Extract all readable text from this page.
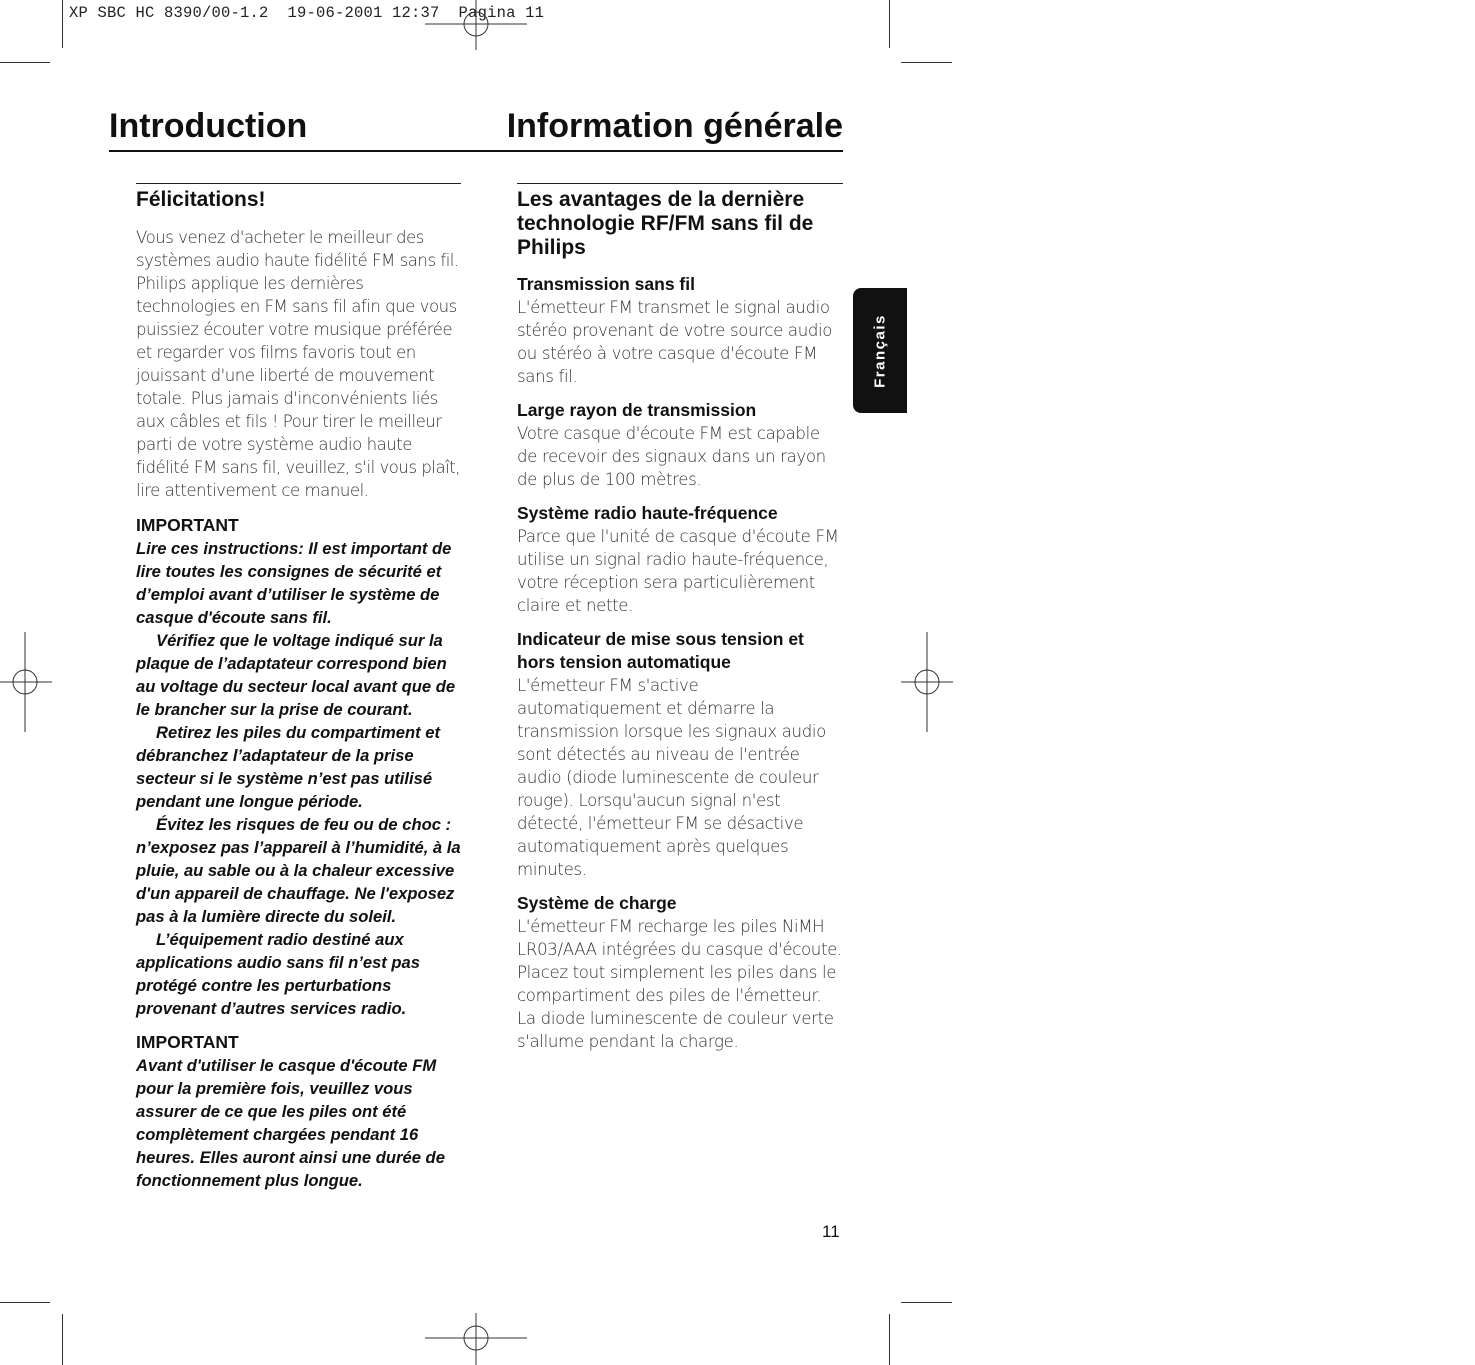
XP SBC HC 8390/00-1.2  19-06-2001 12:37  Pagina 11
Introduction	Information générale
Félicitations!

Vous venez d'acheter le meilleur des systèmes audio haute fidélité FM sans fil. Philips applique les dernières technologies en FM sans fil afin que vous puissiez écouter votre musique préférée et regarder vos films favoris tout en jouissant d'une liberté de mouvement totale. Plus jamais d'inconvénients liés aux câbles et fils ! Pour tirer le meilleur parti de votre système audio haute fidélité FM sans fil, veuillez, s'il vous plaît, lire attentivement ce manuel.

IMPORTANT

Lire ces instructions: Il est important de lire toutes les consignes de sécurité et d’emploi avant d’utiliser le système de casque d'écoute sans fil.

Vérifiez que le voltage indiqué sur la plaque de l’adaptateur correspond bien au voltage du secteur local avant que de le brancher sur la prise de courant.

Retirez les piles du compartiment et débranchez l’adaptateur de la prise secteur si le système n’est pas utilisé pendant une longue période.

Évitez les risques de feu ou de choc : n’exposez pas l’appareil à l’humidité, à la pluie, au sable ou à la chaleur excessive d'un appareil de chauffage. Ne l'exposez pas à la lumière directe du soleil.

L’équipement radio destiné aux applications audio sans fil n’est pas protégé contre les perturbations provenant d’autres services radio.

IMPORTANT

Avant d'utiliser le casque d'écoute FM pour la première fois, veuillez vous assurer de ce que les piles ont été complètement chargées pendant 16 heures. Elles auront ainsi une durée de fonctionnement plus longue.

Les avantages de la dernière technologie RF/FM sans fil de Philips

Transmission sans fil

L'émetteur FM transmet le signal audio stéréo provenant de votre source audio ou stéréo à votre casque d'écoute FM sans fil.

Large rayon de transmission

Votre casque d'écoute FM est capable de recevoir des signaux dans un rayon de plus de 100 mètres.

Système radio haute-fréquence

Parce que l'unité de casque d'écoute FM utilise un signal radio haute-fréquence, votre réception sera particulièrement claire et nette.

Indicateur de mise sous tension et hors tension automatique

L'émetteur FM s'active automatiquement et démarre la transmission lorsque les signaux audio sont détectés au niveau de l'entrée audio (diode luminescente de couleur rouge). Lorsqu'aucun signal n'est détecté, l'émetteur FM se désactive automatiquement après quelques minutes.

Système de charge

L'émetteur FM recharge les piles NiMH LR03/AAA intégrées du casque d'écoute. Placez tout simplement les piles dans le compartiment des piles de l'émetteur. La diode luminescente de couleur verte s'allume pendant la charge.

Français
11
